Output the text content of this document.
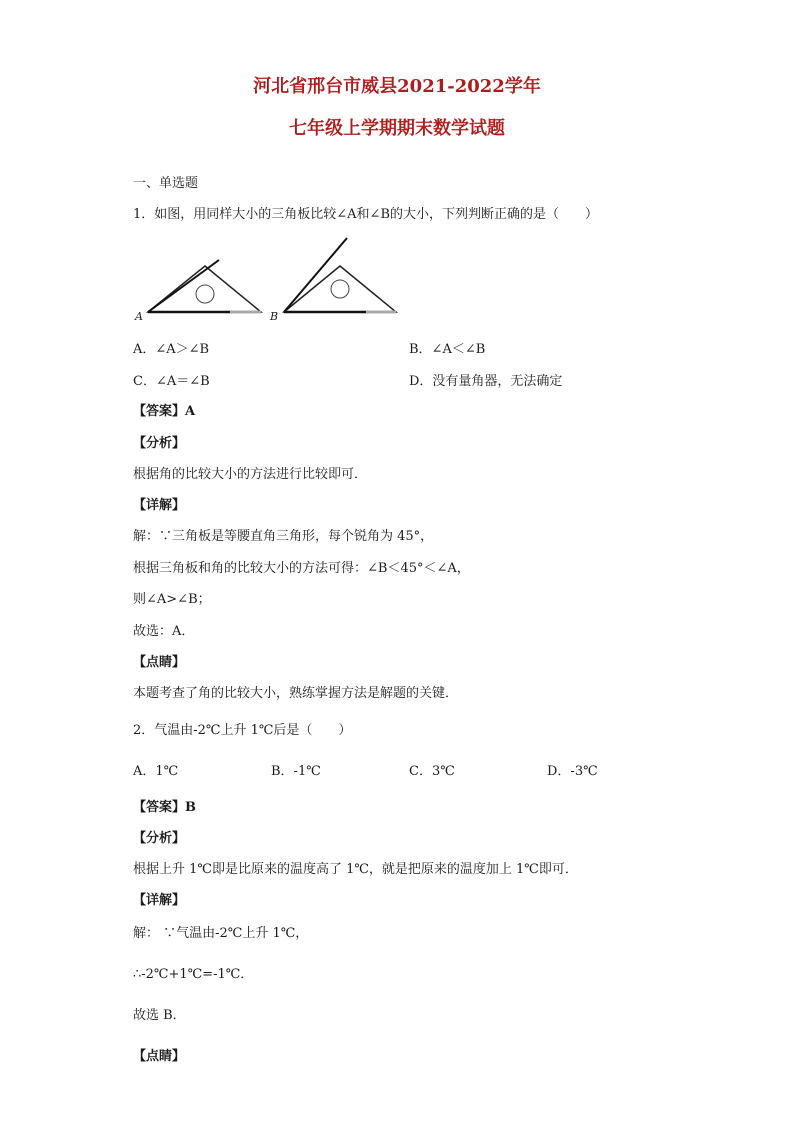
河北省邢台市威县2021-2022学年
七年级上学期期末数学试题
一、单选题
1．如图，用同样大小的三角板比较∠A和∠B的大小，下列判断正确的是（　　）
A	B
A．∠A＞∠B	B．∠A＜∠B
C．∠A＝∠B	D．没有量角器，无法确定
【答案】A
【分析】
根据角的比较大小的方法进行比较即可．
【详解】
解：∵三角板是等腰直角三角形，每个锐角为 45°，
根据三角板和角的比较大小的方法可得：∠B＜45°＜∠A，
则∠A>∠B；
故选：A．
【点睛】
本题考查了角的比较大小，熟练掌握方法是解题的关键．
2．气温由-2℃上升 1℃后是（　　）
A．1℃	B．-1℃	C．3℃	D．-3℃
【答案】B
【分析】
根据上升 1℃即是比原来的温度高了 1℃，就是把原来的温度加上 1℃即可．
【详解】
解： ∵气温由-2℃上升 1℃，
∴-2℃+1℃=-1℃．
故选 B．
【点睛】
